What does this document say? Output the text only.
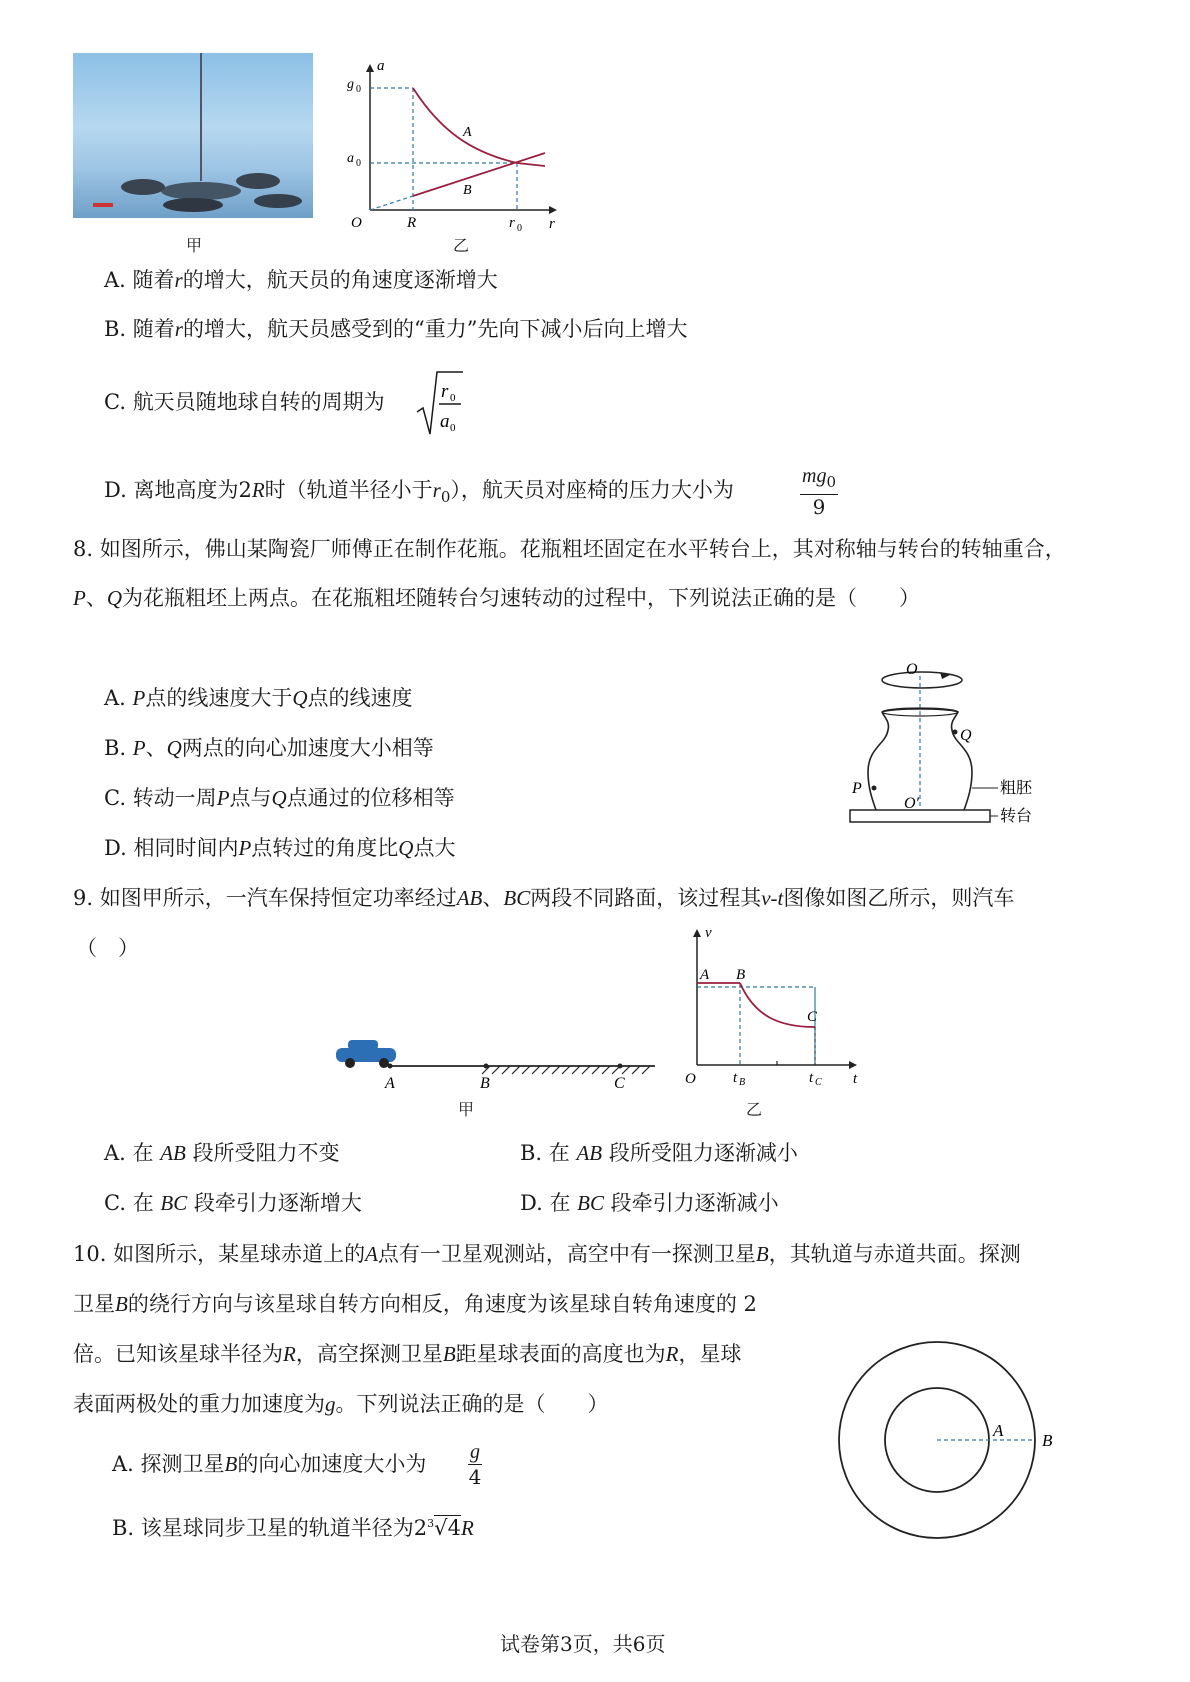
甲
a
r
O
g 0
a 0
R	r 0
A
B
乙
A. 随着r的增大，航天员的角速度逐渐增大
B. 随着r的增大，航天员感受到的“重力”先向下减小后向上增大
C. 航天员随地球自转的周期为	r 0
a 0
D. 离地高度为2R时（轨道半径小于$r_0$），航天员对座椅的压力大小为	$\frac{mg_0}{9}$
8. 如图所示，佛山某陶瓷厂师傅正在制作花瓶。花瓶粗坯固定在水平转台上，其对称轴与转台的转轴重合，
P、Q为花瓶粗坯上两点。在花瓶粗坯随转台匀速转动的过程中，下列说法正确的是（　　）
A. P点的线速度大于Q点的线速度
B. P、Q两点的向心加速度大小相等
C. 转动一周P点与Q点通过的位移相等
D. 相同时间内P点转过的角度比Q点大
O
O′
Q
P	粗胚
转台
9. 如图甲所示，一汽车保持恒定功率经过AB、BC两段不同路面，该过程其v-t图像如图乙所示，则汽车
（　）
A	B	C
甲
v
t
O
A B
C
t B	t C
乙
A. 在 AB 段所受阻力不变	B. 在 AB 段所受阻力逐渐减小
C. 在 BC 段牵引力逐渐增大	D. 在 BC 段牵引力逐渐减小
10. 如图所示，某星球赤道上的A点有一卫星观测站，高空中有一探测卫星B，其轨道与赤道共面。探测
卫星B的绕行方向与该星球自转方向相反，角速度为该星球自转角速度的 2
倍。已知该星球半径为R，高空探测卫星B距星球表面的高度也为R，星球
表面两极处的重力加速度为g。下列说法正确的是（　　）
A. 探测卫星B的向心加速度大小为 $\frac{g}{4}$
B. 该星球同步卫星的轨道半径为$2^3√4R$
A
B
试卷第3页，共6页
